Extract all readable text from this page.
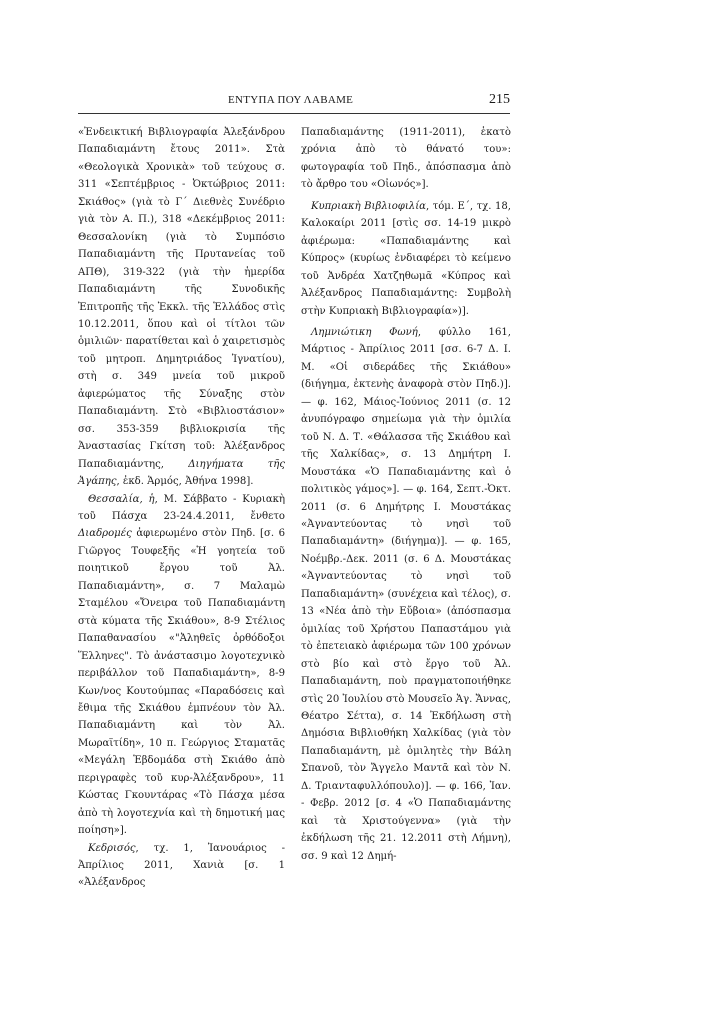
ΕΝΤΥΠΑ ΠΟΥ ΛΑΒΑΜΕ	215

«Ἐνδεικτική Βιβλιογραφία Ἀλεξάνδρου Παπαδιαμάντη ἔτους 2011». Στὰ «Θεολογικὰ Χρονικὰ» τοῦ τεύχους σ. 311 «Σεπτέμβριος - Ὀκτώβριος 2011: Σκιάθος» (γιὰ τὸ Γ΄ Διεθνὲς Συνέδριο γιὰ τὸν Α. Π.), 318 «Δεκέμβριος 2011: Θεσσαλονίκη (γιὰ τὸ Συμπόσιο Παπαδιαμάντη τῆς Πρυτανείας τοῦ ΑΠΘ), 319-322 (γιὰ τὴν ἡμερίδα Παπαδιαμάντη τῆς Συνοδικῆς Ἐπιτροπῆς τῆς Ἐκκλ. τῆς Ἑλλάδος στὶς 10.12.2011, ὅπου καὶ οἱ τίτλοι τῶν ὁμιλιῶν· παρατίθεται καὶ ὁ χαιρετισμὸς τοῦ μητροπ. Δημητριάδος Ἰγνατίου), στὴ σ. 349 μνεία τοῦ μικροῦ ἀφιερώματος τῆς Σύναξης στὸν Παπαδιαμάντη. Στὸ «Βιβλιοστάσιον» σσ. 353-359 βιβλιοκρισία τῆς Ἀναστασίας Γκίτση τοῦ: Ἀλέξανδρος Παπαδιαμάντης, Διηγήματα τῆς Ἀγάπης, ἐκδ. Ἁρμός, Ἀθήνα 1998].

Θεσσαλία, ἡ, Μ. Σάββατο - Κυριακὴ τοῦ Πάσχα 23-24.4.2011, ἔνθετο Διαδρομές ἀφιερωμένο στὸν Πηδ. [σ. 6 Γιῶργος Τουφεξῆς «Ἡ γοητεία τοῦ ποιητικοῦ ἔργου τοῦ Ἀλ. Παπαδιαμάντη», σ. 7 Μαλαμὼ Σταμέλου «Ὄνειρα τοῦ Παπαδιαμάντη στὰ κύματα τῆς Σκιάθου», 8-9 Στέλιος Παπαθανασίου «"Ἀληθεῖς ὀρθόδοξοι Ἕλληνες". Τὸ ἀνάστασιμο λογοτεχνικὸ περιβάλλον τοῦ Παπαδιαμάντη», 8-9 Κων/νος Κουτούμπας «Παραδόσεις καὶ ἔθιμα τῆς Σκιάθου ἐμπνέουν τὸν Ἀλ. Παπαδιαμάντη καὶ τὸν Ἀλ. Μωραϊτίδη», 10 π. Γεώργιος Σταματᾶς «Μεγάλη Ἑβδομάδα στὴ Σκιάθο ἀπὸ περιγραφὲς τοῦ κυρ-Ἀλέξανδρου», 11 Κώστας Γκουντάρας «Τὸ Πάσχα μέσα ἀπὸ τὴ λογοτεχνία καὶ τὴ δημοτική μας ποίηση»].

Κεδρισός, τχ. 1, Ἰανουάριος - Ἀπρίλιος 2011, Χανιὰ [σ. 1 «Ἀλέξανδρος

Παπαδιαμάντης (1911-2011), ἑκατὸ χρόνια ἀπὸ τὸ θάνατό του»: φωτογραφία τοῦ Πηδ., ἀπόσπασμα ἀπὸ τὸ ἄρθρο του «Οἰωνός»].

Κυπριακὴ Βιβλιοφιλία, τόμ. Ε΄, τχ. 18, Καλοκαίρι 2011 [στὶς σσ. 14-19 μικρὸ ἀφιέρωμα: «Παπαδιαμάντης καὶ Κύπρος» (κυρίως ἐνδιαφέρει τὸ κείμενο τοῦ Ἀνδρέα Χατζηθωμᾶ «Κύπρος καὶ Ἀλέξανδρος Παπαδιαμάντης: Συμβολὴ στὴν Κυπριακὴ Βιβλιογραφία»)].

Λημνιώτικη Φωνή, φύλλο 161, Μάρτιος - Ἀπρίλιος 2011 [σσ. 6-7 Δ. Ι. Μ. «Οἱ σιδεράδες τῆς Σκιάθου» (διήγημα, ἐκτενὴς ἀναφορὰ στὸν Πηδ.)]. — φ. 162, Μάιος-Ἰούνιος 2011 (σ. 12 ἀνυπόγραφο σημείωμα γιὰ τὴν ὁμιλία τοῦ Ν. Δ. Τ. «Θάλασσα τῆς Σκιάθου καὶ τῆς Χαλκίδας», σ. 13 Δημήτρη Ι. Μουστάκα «Ὁ Παπαδιαμάντης καὶ ὁ πολιτικὸς γάμος»]. — φ. 164, Σεπτ.-Ὀκτ. 2011 (σ. 6 Δημήτρης Ι. Μουστάκας «Ἀγναντεύοντας τὸ νησὶ τοῦ Παπαδιαμάντη» (διήγημα)]. — φ. 165, Νοέμβρ.-Δεκ. 2011 (σ. 6 Δ. Μουστάκας «Ἀγναντεύοντας τὸ νησὶ τοῦ Παπαδιαμάντη» (συνέχεια καὶ τέλος), σ. 13 «Νέα ἀπὸ τὴν Εὔβοια» (ἀπόσπασμα ὁμιλίας τοῦ Χρήστου Παπαστάμου γιὰ τὸ ἐπετειακὸ ἀφιέρωμα τῶν 100 χρόνων στὸ βίο καὶ στὸ ἔργο τοῦ Ἀλ. Παπαδιαμάντη, ποὺ πραγματοποιήθηκε στὶς 20 Ἰουλίου στὸ Μουσεῖο Ἁγ. Ἄννας, Θέατρο Σέττα), σ. 14 Ἐκδήλωση στὴ Δημόσια Βιβλιοθήκη Χαλκίδας (γιὰ τὸν Παπαδιαμάντη, μὲ ὁμιλητὲς τὴν Βάλη Σπανοῦ, τὸν Ἄγγελο Μαντᾶ καὶ τὸν Ν. Δ. Τριανταφυλλόπουλο)]. — φ. 166, Ἰαν. - Φεβρ. 2012 [σ. 4 «Ὁ Παπαδιαμάντης καὶ τὰ Χριστούγεννα» (γιὰ τὴν ἐκδήλωση τῆς 21. 12.2011 στὴ Λήμνη), σσ. 9 καὶ 12 Δημή-
